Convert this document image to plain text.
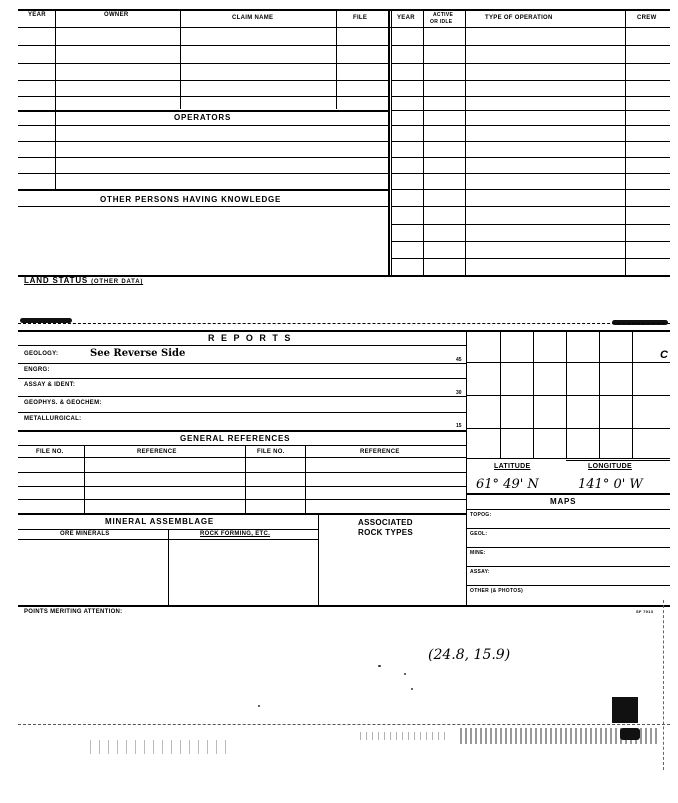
YEAR	OWNER	CLAIM NAME	FILE	YEAR	ACTIVE
OR IDLE
TYPE OF OPERATION	CREW
OPERATORS
OTHER PERSONS HAVING KNOWLEDGE
LAND STATUS (OTHER DATA)
R E P O R T S
GEOLOGY:	See Reverse Side
45
ENGRG:
ASSAY & IDENT:
30
GEOPHYS. & GEOCHEM:
METALLURGICAL:
15
C
GENERAL REFERENCES
FILE NO.	REFERENCE	FILE NO.	REFERENCE
LATITUDE	LONGITUDE
61° 49' N	141° 0' W
MAPS
TOPOG:
GEOL:
MINE:
ASSAY:
OTHER (& PHOTOS)
MINERAL ASSEMBLAGE	ASSOCIATED
ROCK TYPES
ORE MINERALS	ROCK FORMING, ETC.
POINTS MERITING ATTENTION:	SF 7913
(24.8, 15.9)
